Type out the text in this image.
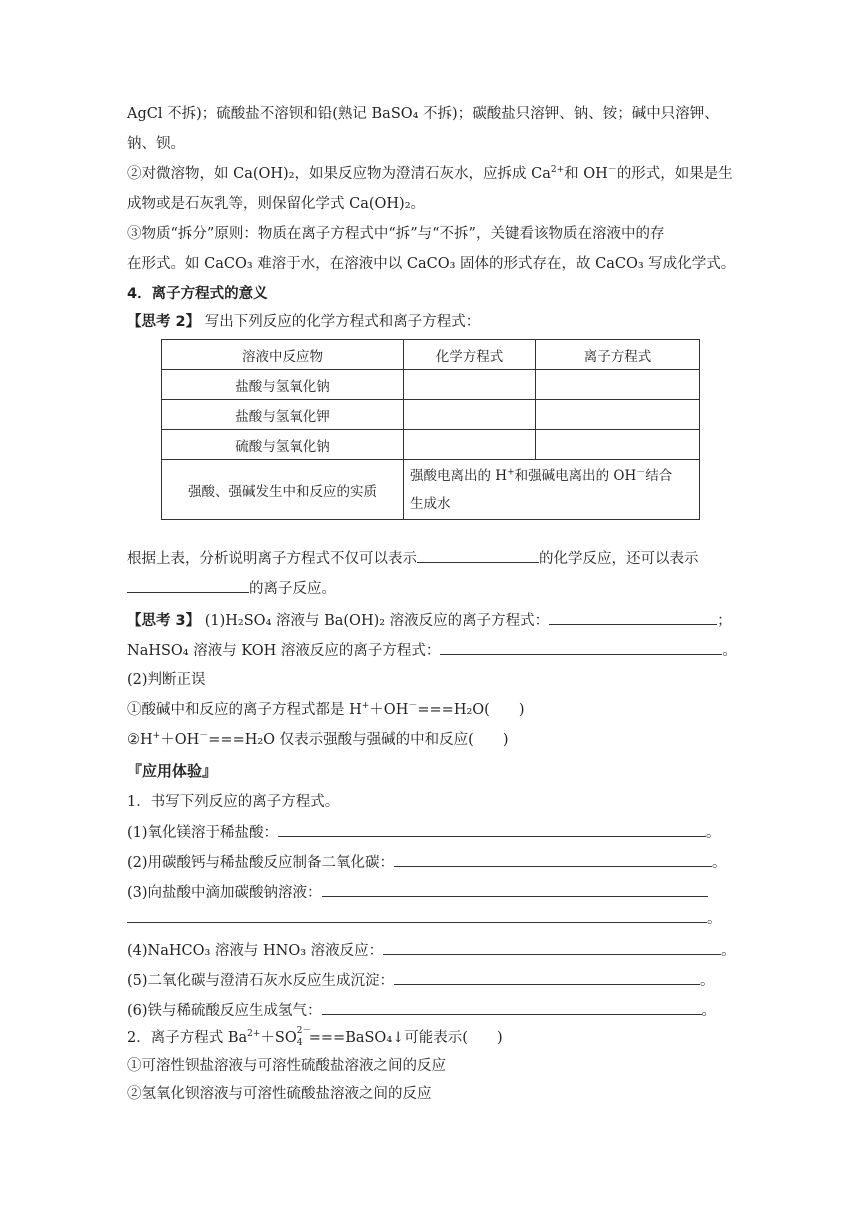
AgCl 不拆)；硫酸盐不溶钡和铅(熟记 BaSO₄ 不拆)；碳酸盐只溶钾、钠、铵；碱中只溶钾、
钠、钡。
②对微溶物，如 Ca(OH)₂，如果反应物为澄清石灰水，应拆成 $Ca^{2+}$和 OH－的形式，如果是生
成物或是石灰乳等，则保留化学式 Ca(OH)₂。
③物质“拆分”原则：物质在离子方程式中“拆”与“不拆”，关键看该物质在溶液中的存
在形式。如 CaCO₃ 难溶于水，在溶液中以 CaCO₃ 固体的形式存在，故 CaCO₃ 写成化学式。
4．离子方程式的意义
【思考 2】 写出下列反应的化学方程式和离子方程式：
溶液中反应物	化学方程式	离子方程式
盐酸与氢氧化钠		
盐酸与氢氧化钾		
硫酸与氢氧化钠		
强酸、强碱发生中和反应的实质	强酸电离出的 H+和强碱电离出的 OH－结合
生成水	
根据上表，分析说明离子方程式不仅可以表示	的化学反应，还可以表示
的离子反应。
【思考 3】 (1)H₂SO₄ 溶液与 Ba(OH)₂ 溶液反应的离子方程式：	；
NaHSO₄ 溶液与 KOH 溶液反应的离子方程式：	。
(2)判断正误
①酸碱中和反应的离子方程式都是 H+＋OH－===H₂O(　　)
②H+＋OH－===H₂O 仅表示强酸与强碱的中和反应(　　)
『应用体验』
1．书写下列反应的离子方程式。
(1)氧化镁溶于稀盐酸：	。
(2)用碳酸钙与稀盐酸反应制备二氧化碳：	。
(3)向盐酸中滴加碳酸钠溶液：
。
(4)NaHCO₃ 溶液与 HNO₃ 溶液反应：	。
(5)二氧化碳与澄清石灰水反应生成沉淀：	。
(6)铁与稀硫酸反应生成氢气：	。
2．离子方程式 $Ba^{2+}+SO$ 2－
4 ===BaSO₄↓可能表示(　　)
①可溶性钡盐溶液与可溶性硫酸盐溶液之间的反应
②氢氧化钡溶液与可溶性硫酸盐溶液之间的反应
